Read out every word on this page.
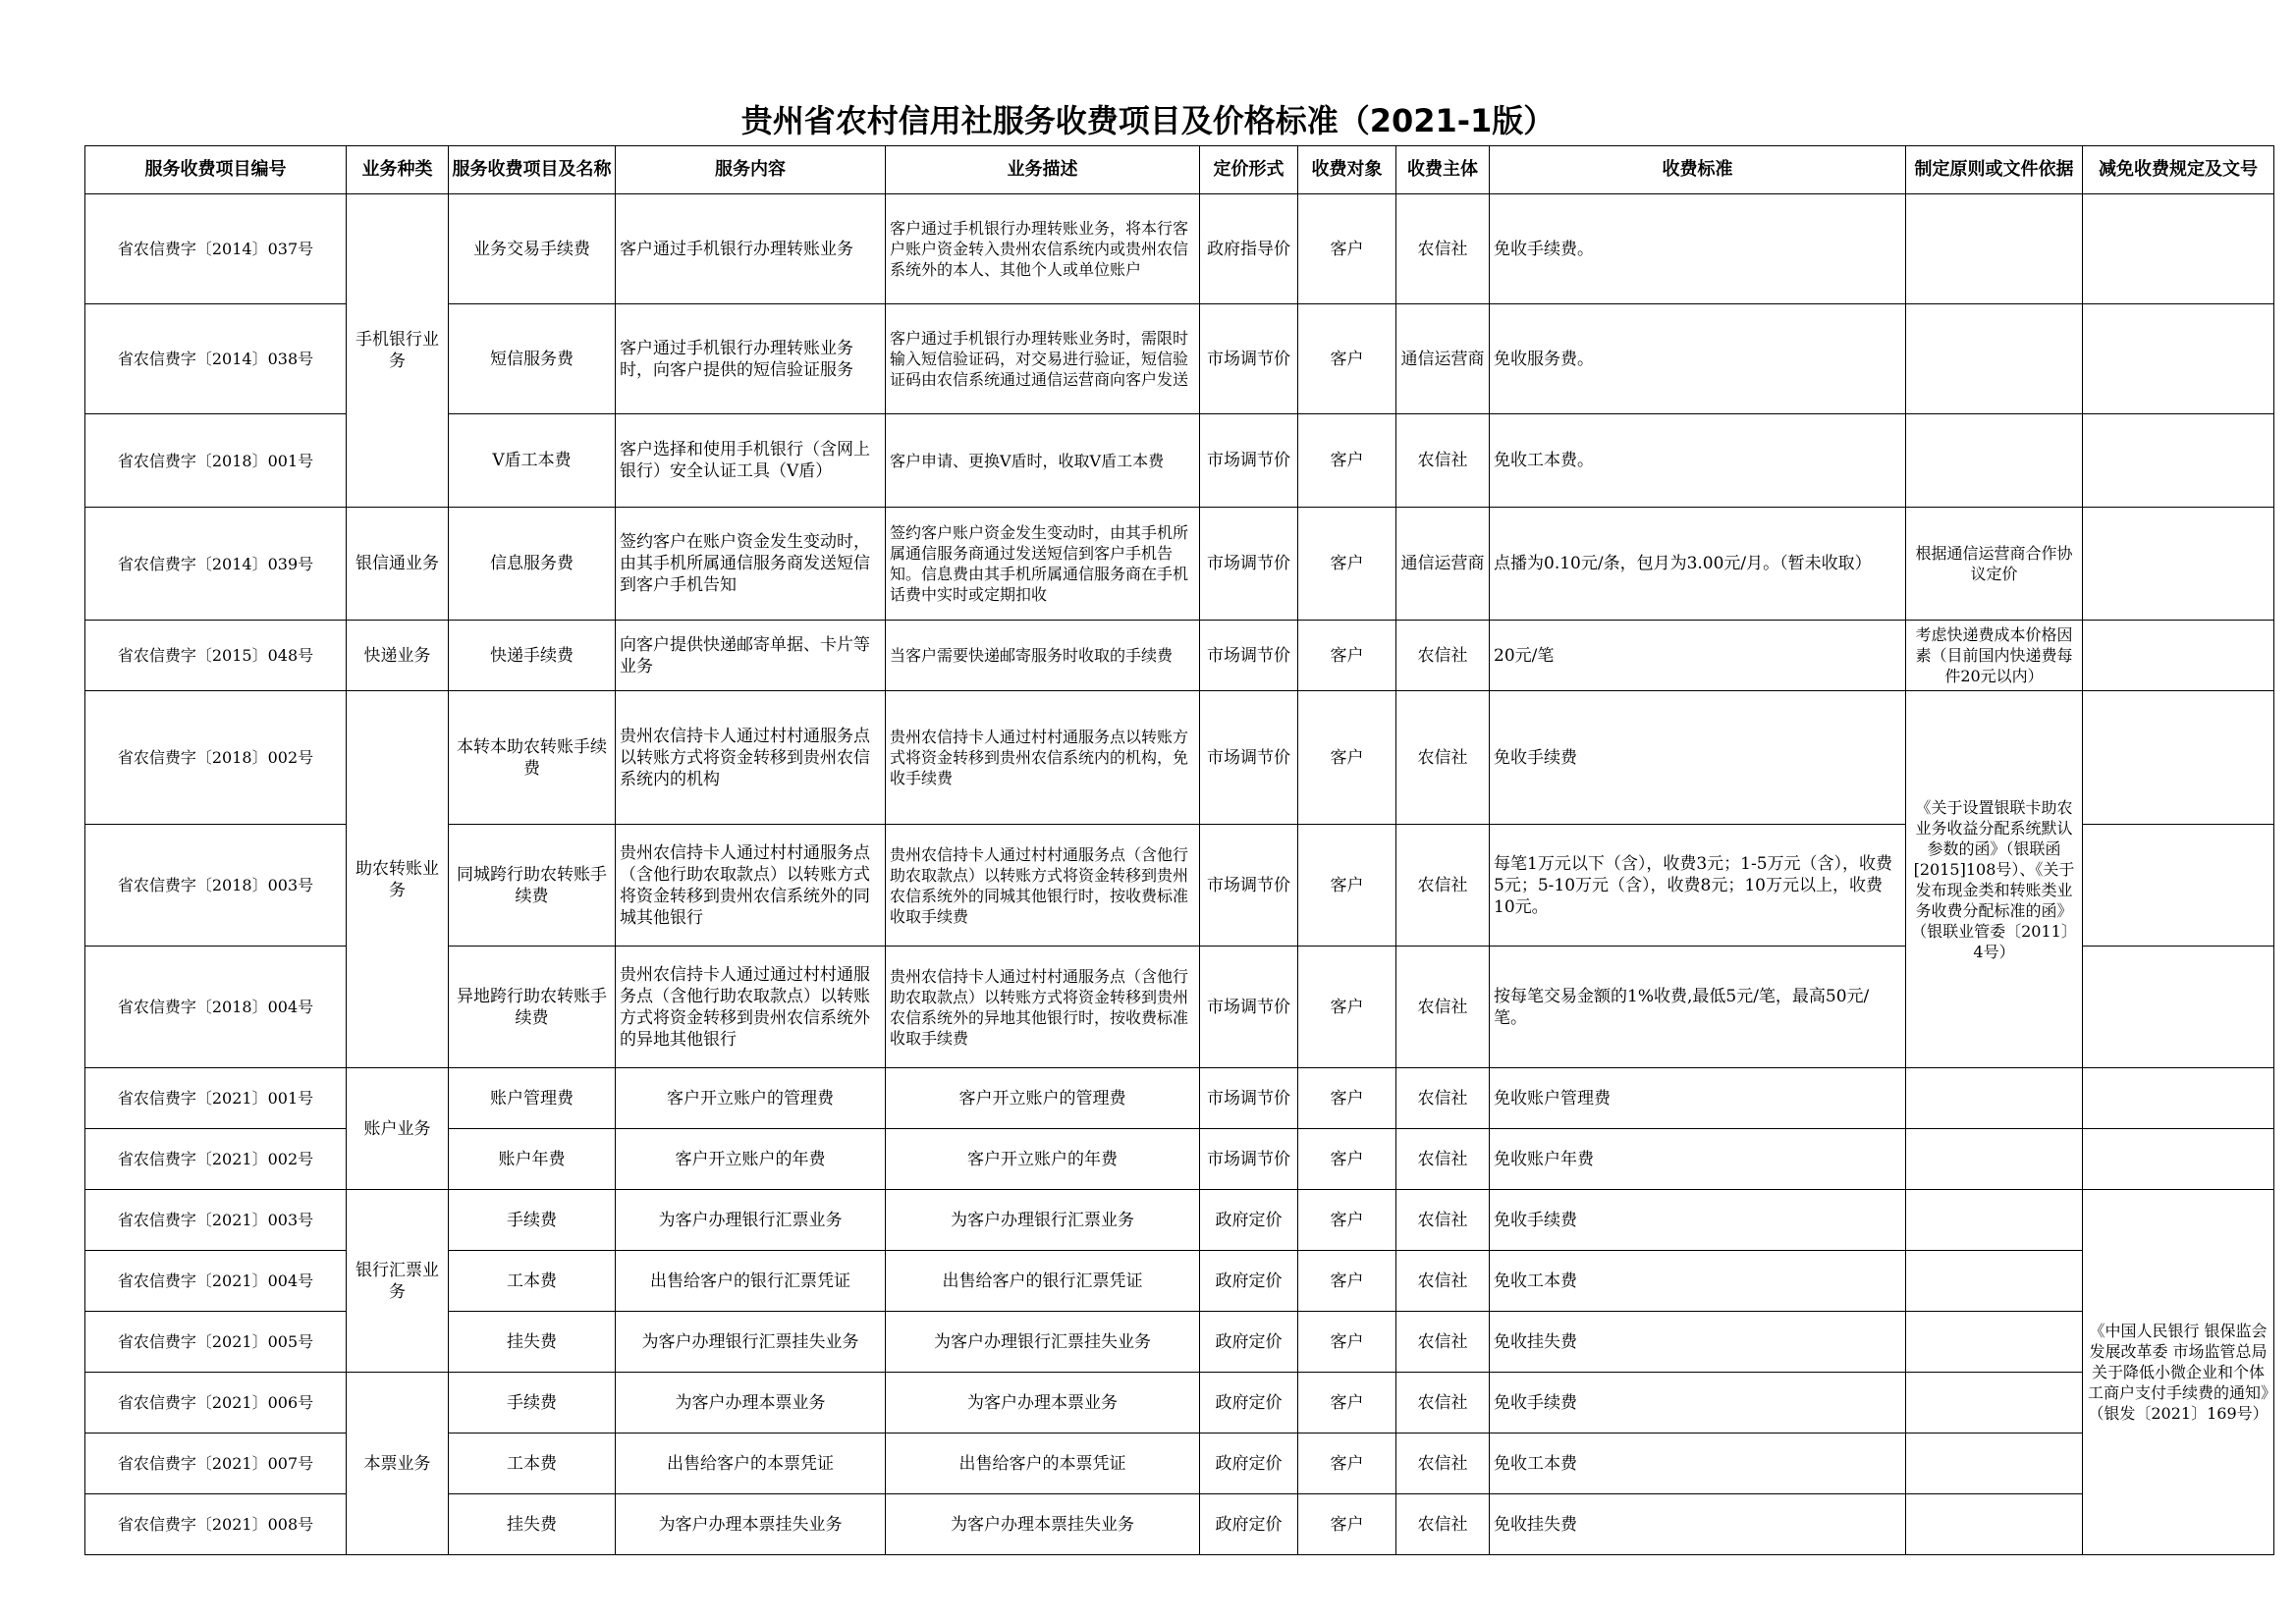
贵州省农村信用社服务收费项目及价格标准（2021-1版）
服务收费项目编号	业务种类	服务收费项目及名称	服务内容	业务描述	定价形式	收费对象	收费主体	收费标准	制定原则或文件依据	减免收费规定及文号
省农信费字〔2014〕037号	手机银行业务	业务交易手续费	客户通过手机银行办理转账业务	客户通过手机银行办理转账业务，将本行客户账户资金转入贵州农信系统内或贵州农信系统外的本人、其他个人或单位账户	政府指导价	客户	农信社	免收手续费。		
省农信费字〔2014〕038号		短信服务费	客户通过手机银行办理转账业务时，向客户提供的短信验证服务	客户通过手机银行办理转账业务时，需限时输入短信验证码，对交易进行验证，短信验证码由农信系统通过通信运营商向客户发送	市场调节价	客户	通信运营商	免收服务费。		
省农信费字〔2018〕001号		V盾工本费	客户选择和使用手机银行（含网上银行）安全认证工具（V盾）	客户申请、更换V盾时，收取V盾工本费	市场调节价	客户	农信社	免收工本费。		
省农信费字〔2014〕039号	银信通业务	信息服务费	签约客户在账户资金发生变动时，由其手机所属通信服务商发送短信到客户手机告知	签约客户账户资金发生变动时，由其手机所属通信服务商通过发送短信到客户手机告知。信息费由其手机所属通信服务商在手机话费中实时或定期扣收	市场调节价	客户	通信运营商	点播为0.10元/条，包月为3.00元/月。（暂未收取）	根据通信运营商合作协议定价	
省农信费字〔2015〕048号	快递业务	快递手续费	向客户提供快递邮寄单据、卡片等业务	当客户需要快递邮寄服务时收取的手续费	市场调节价	客户	农信社	20元/笔	考虑快递费成本价格因素（目前国内快递费每件20元以内）	
省农信费字〔2018〕002号	助农转账业务	本转本助农转账手续费	贵州农信持卡人通过村村通服务点以转账方式将资金转移到贵州农信系统内的机构	贵州农信持卡人通过村村通服务点以转账方式将资金转移到贵州农信系统内的机构，免收手续费	市场调节价	客户	农信社	免收手续费	《关于设置银联卡助农业务收益分配系统默认参数的函》（银联函[2015]108号）、《关于发布现金类和转账类业务收费分配标准的函》（银联业管委〔2011〕4号）	
省农信费字〔2018〕003号		同城跨行助农转账手续费	贵州农信持卡人通过村村通服务点（含他行助农取款点）以转账方式将资金转移到贵州农信系统外的同城其他银行	贵州农信持卡人通过村村通服务点（含他行助农取款点）以转账方式将资金转移到贵州农信系统外的同城其他银行时，按收费标准收取手续费	市场调节价	客户	农信社	每笔1万元以下（含），收费3元；1-5万元（含），收费5元；5-10万元（含），收费8元；10万元以上，收费10元。		
省农信费字〔2018〕004号		异地跨行助农转账手续费	贵州农信持卡人通过通过村村通服务点（含他行助农取款点）以转账方式将资金转移到贵州农信系统外的异地其他银行	贵州农信持卡人通过村村通服务点（含他行助农取款点）以转账方式将资金转移到贵州农信系统外的异地其他银行时，按收费标准收取手续费	市场调节价	客户	农信社	按每笔交易金额的1%收费,最低5元/笔，最高50元/笔。		
省农信费字〔2021〕001号	账户业务	账户管理费	客户开立账户的管理费	客户开立账户的管理费	市场调节价	客户	农信社	免收账户管理费		
省农信费字〔2021〕002号		账户年费	客户开立账户的年费	客户开立账户的年费	市场调节价	客户	农信社	免收账户年费		
省农信费字〔2021〕003号	银行汇票业务	手续费	为客户办理银行汇票业务	为客户办理银行汇票业务	政府定价	客户	农信社	免收手续费		《中国人民银行 银保监会 发展改革委 市场监管总局关于降低小微企业和个体工商户支付手续费的通知》（银发〔2021〕169号）
省农信费字〔2021〕004号		工本费	出售给客户的银行汇票凭证	出售给客户的银行汇票凭证	政府定价	客户	农信社	免收工本费		
省农信费字〔2021〕005号		挂失费	为客户办理银行汇票挂失业务	为客户办理银行汇票挂失业务	政府定价	客户	农信社	免收挂失费		
省农信费字〔2021〕006号	本票业务	手续费	为客户办理本票业务	为客户办理本票业务	政府定价	客户	农信社	免收手续费		
省农信费字〔2021〕007号		工本费	出售给客户的本票凭证	出售给客户的本票凭证	政府定价	客户	农信社	免收工本费		
省农信费字〔2021〕008号		挂失费	为客户办理本票挂失业务	为客户办理本票挂失业务	政府定价	客户	农信社	免收挂失费		
